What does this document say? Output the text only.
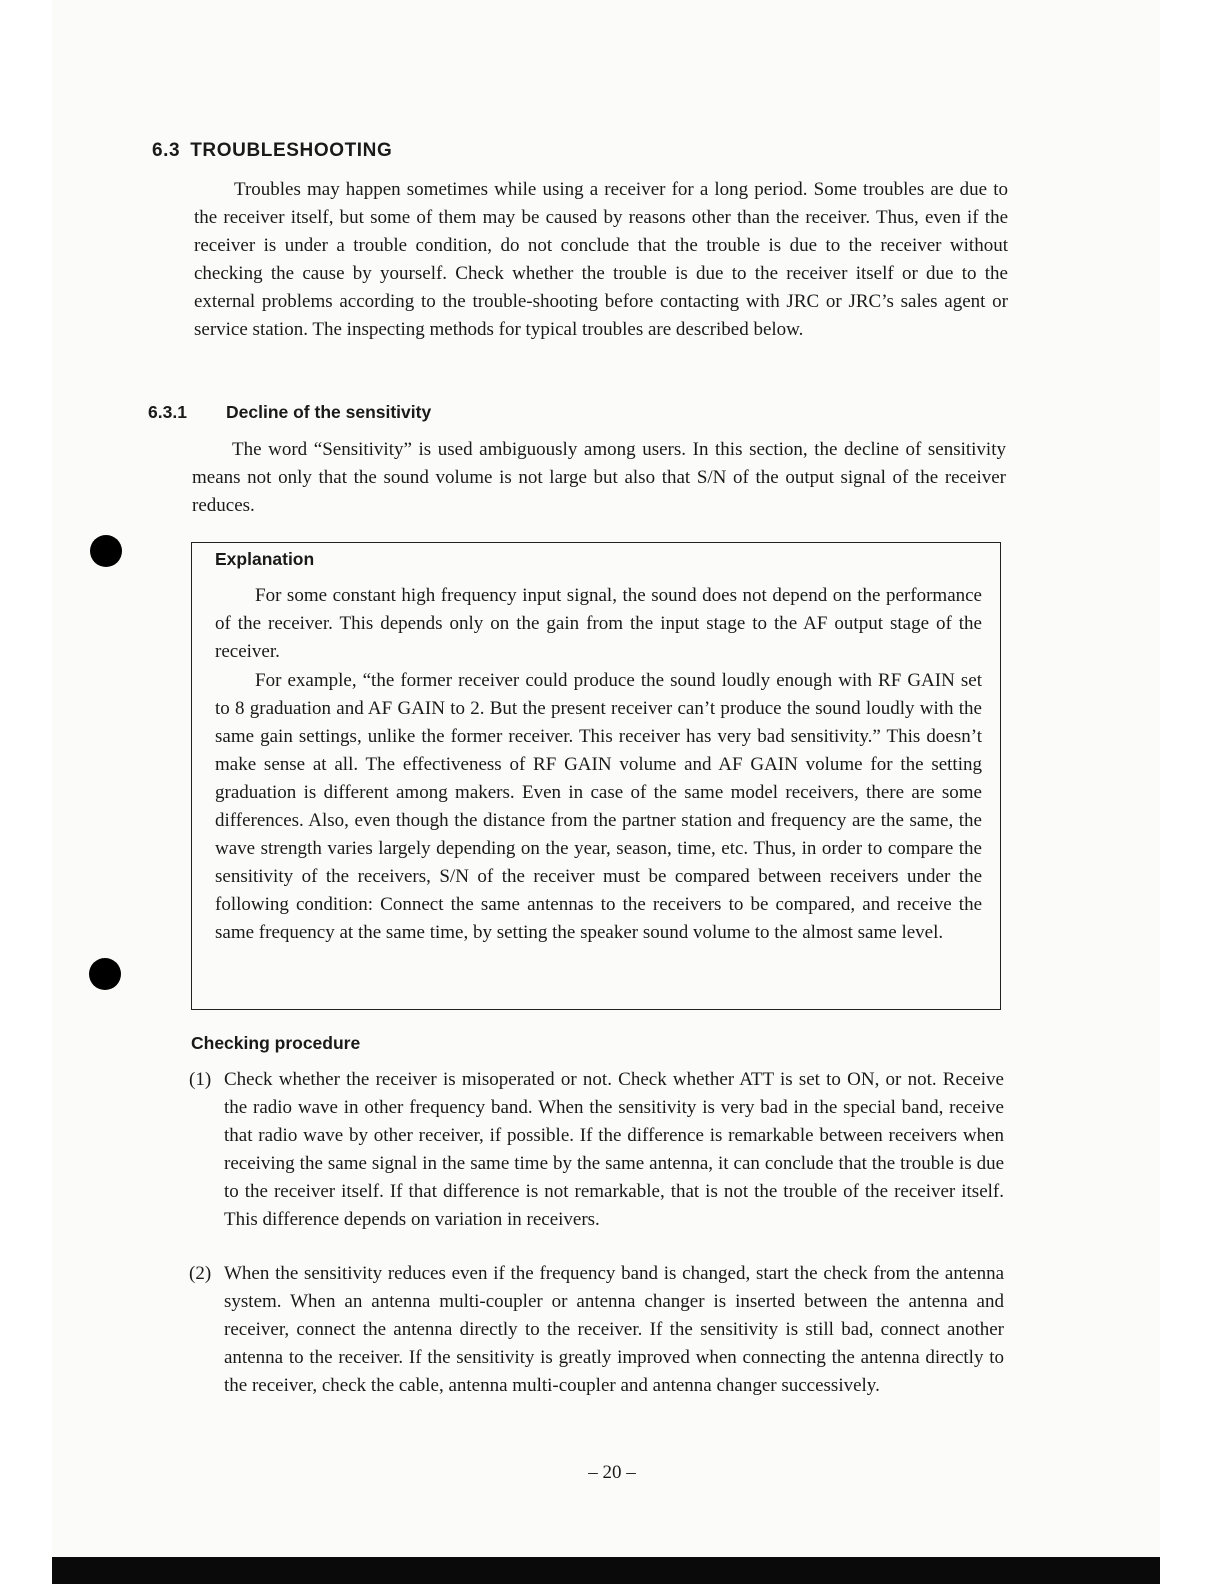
6.3 TROUBLESHOOTING

Troubles may happen sometimes while using a receiver for a long period. Some troubles are due to the receiver itself, but some of them may be caused by reasons other than the receiver. Thus, even if the receiver is under a trouble condition, do not conclude that the trouble is due to the receiver without checking the cause by yourself. Check whether the trouble is due to the receiver itself or due to the external problems according to the trouble-shooting before contacting with JRC or JRC’s sales agent or service station. The inspecting methods for typical troubles are described below.

6.3.1 Decline of the sensitivity

The word “Sensitivity” is used ambiguously among users. In this section, the decline of sensitivity means not only that the sound volume is not large but also that S/N of the output signal of the receiver reduces.

Explanation

For some constant high frequency input signal, the sound does not depend on the performance of the receiver. This depends only on the gain from the input stage to the AF output stage of the receiver.

For example, “the former receiver could produce the sound loudly enough with RF GAIN set to 8 graduation and AF GAIN to 2. But the present receiver can’t produce the sound loudly with the same gain settings, unlike the former receiver. This receiver has very bad sensitivity.” This doesn’t make sense at all. The effectiveness of RF GAIN volume and AF GAIN volume for the setting graduation is different among makers. Even in case of the same model receivers, there are some differences. Also, even though the distance from the partner station and frequency are the same, the wave strength varies largely depending on the year, season, time, etc. Thus, in order to compare the sensitivity of the receivers, S/N of the receiver must be compared between receivers under the following condition: Connect the same antennas to the receivers to be compared, and receive the same frequency at the same time, by setting the speaker sound volume to the almost same level.

Checking procedure
(1) Check whether the receiver is misoperated or not. Check whether ATT is set to ON, or not. Receive the radio wave in other frequency band. When the sensitivity is very bad in the special band, receive that radio wave by other receiver, if possible. If the difference is remarkable between receivers when receiving the same signal in the same time by the same antenna, it can conclude that the trouble is due to the receiver itself. If that difference is not remarkable, that is not the trouble of the receiver itself. This difference depends on variation in receivers.
(2) When the sensitivity reduces even if the frequency band is changed, start the check from the antenna system. When an antenna multi-coupler or antenna changer is inserted between the antenna and receiver, connect the antenna directly to the receiver. If the sensitivity is still bad, connect another antenna to the receiver. If the sensitivity is greatly improved when connecting the antenna directly to the receiver, check the cable, antenna multi-coupler and antenna changer successively.
– 20 –
